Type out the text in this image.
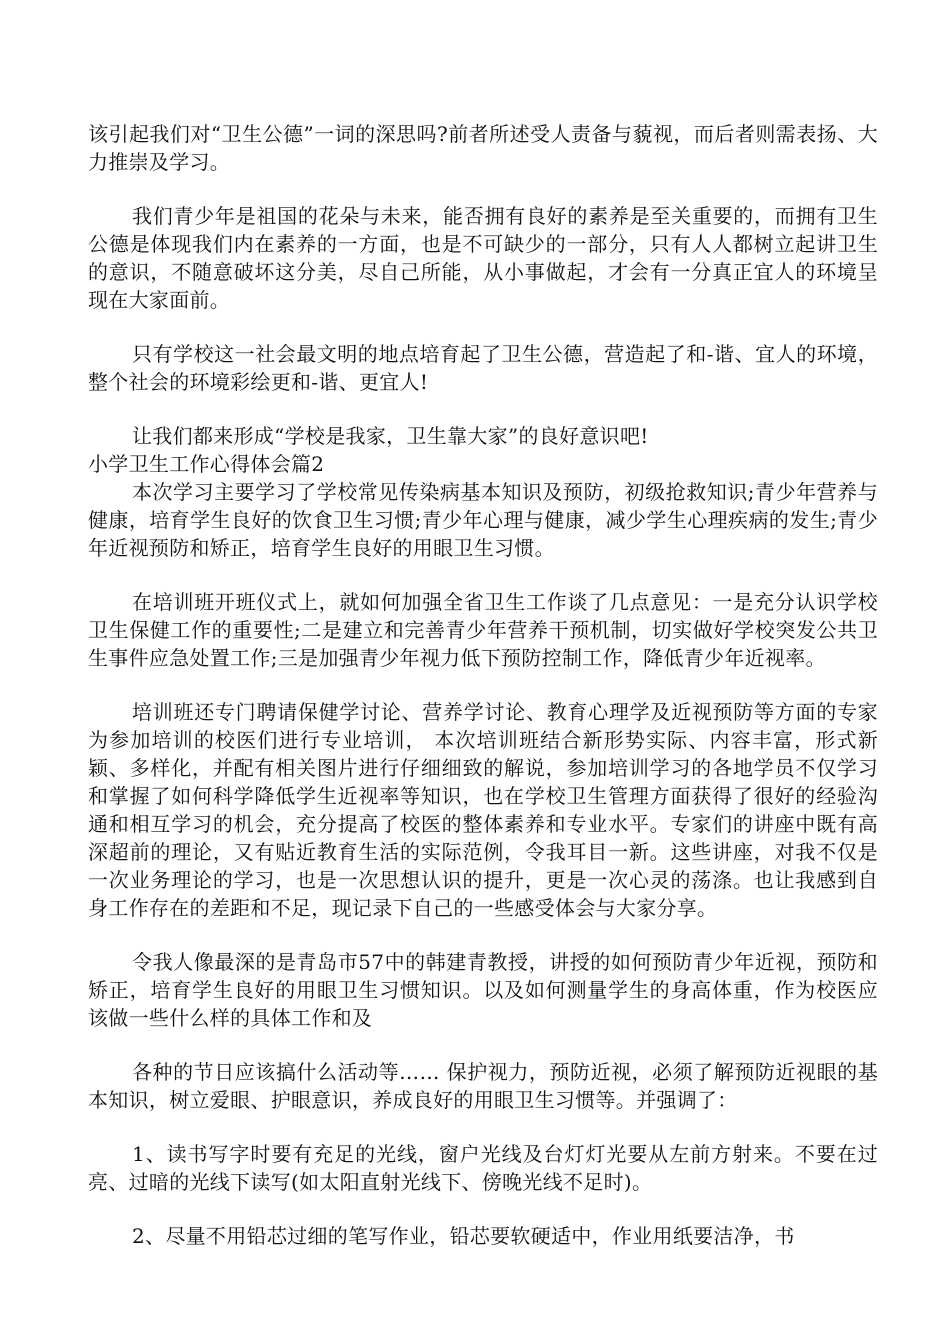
该引起我们对“卫生公德”一词的深思吗?前者所述受人责备与藐视，而后者则需表扬、大力推崇及学习。

我们青少年是祖国的花朵与未来，能否拥有良好的素养是至关重要的，而拥有卫生公德是体现我们内在素养的一方面，也是不可缺少的一部分，只有人人都树立起讲卫生的意识，不随意破坏这分美，尽自己所能，从小事做起，才会有一分真正宜人的环境呈现在大家面前。

只有学校这一社会最文明的地点培育起了卫生公德，营造起了和-谐、宜人的环境，整个社会的环境彩绘更和-谐、更宜人!

让我们都来形成“学校是我家，卫生靠大家”的良好意识吧!

小学卫生工作心得体会篇2

本次学习主要学习了学校常见传染病基本知识及预防，初级抢救知识;青少年营养与健康，培育学生良好的饮食卫生习惯;青少年心理与健康，减少学生心理疾病的发生;青少年近视预防和矫正，培育学生良好的用眼卫生习惯。

在培训班开班仪式上，就如何加强全省卫生工作谈了几点意见：一是充分认识学校卫生保健工作的重要性;二是建立和完善青少年营养干预机制，切实做好学校突发公共卫生事件应急处置工作;三是加强青少年视力低下预防控制工作，降低青少年近视率。

培训班还专门聘请保健学讨论、营养学讨论、教育心理学及近视预防等方面的专家为参加培训的校医们进行专业培训， 本次培训班结合新形势实际、内容丰富，形式新颖、多样化，并配有相关图片进行仔细细致的解说，参加培训学习的各地学员不仅学习和掌握了如何科学降低学生近视率等知识，也在学校卫生管理方面获得了很好的经验沟通和相互学习的机会，充分提高了校医的整体素养和专业水平。专家们的讲座中既有高深超前的理论，又有贴近教育生活的实际范例，令我耳目一新。这些讲座，对我不仅是一次业务理论的学习，也是一次思想认识的提升，更是一次心灵的荡涤。也让我感到自身工作存在的差距和不足，现记录下自己的一些感受体会与大家分享。

令我人像最深的是青岛市57中的韩建青教授，讲授的如何预防青少年近视，预防和矫正，培育学生良好的用眼卫生习惯知识。以及如何测量学生的身高体重，作为校医应该做一些什么样的具体工作和及

各种的节日应该搞什么活动等…… 保护视力，预防近视，必须了解预防近视眼的基本知识，树立爱眼、护眼意识，养成良好的用眼卫生习惯等。并强调了：

1、读书写字时要有充足的光线，窗户光线及台灯灯光要从左前方射来。不要在过亮、过暗的光线下读写(如太阳直射光线下、傍晚光线不足时)。

2、尽量不用铅芯过细的笔写作业，铅芯要软硬适中，作业用纸要洁净，书
